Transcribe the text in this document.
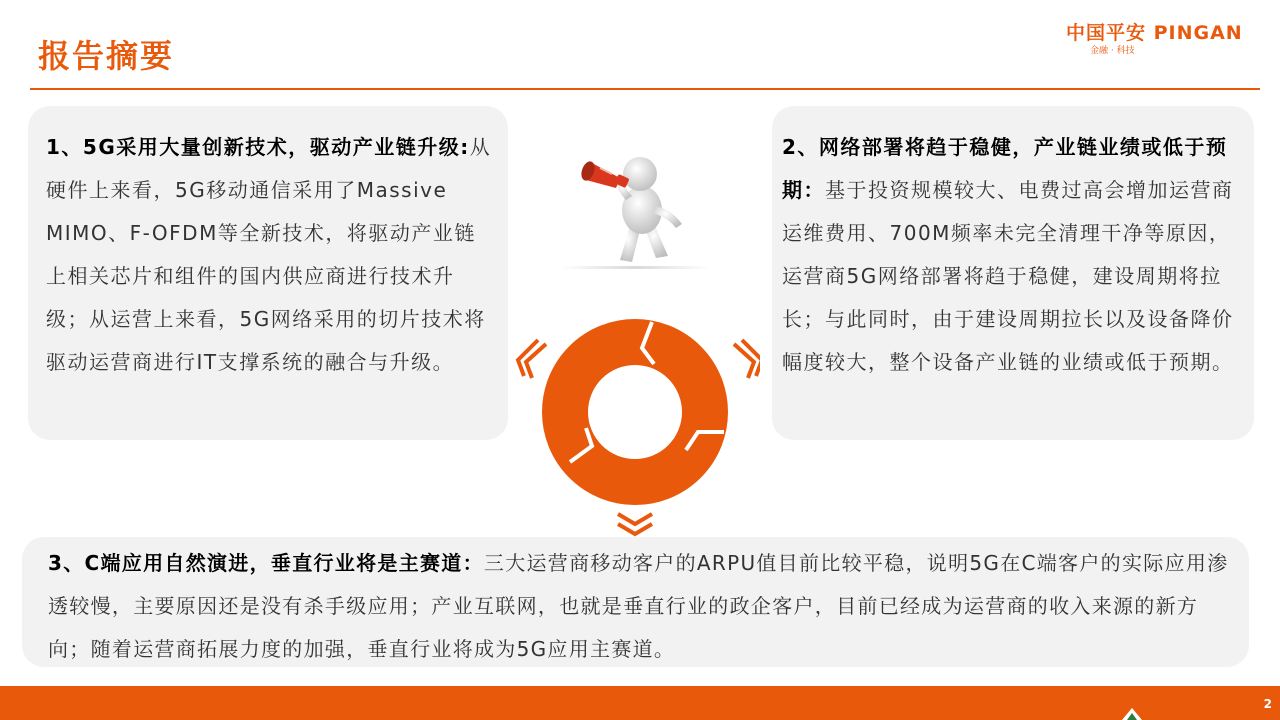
报告摘要
中国平安 PINGAN
金融 · 科技

1、5G采用大量创新技术，驱动产业链升级:从硬件上来看，5G移动通信采用了Massive MIMO、F-OFDM等全新技术，将驱动产业链上相关芯片和组件的国内供应商进行技术升级；从运营上来看，5G网络采用的切片技术将驱动运营商进行IT支撑系统的融合与升级。

2、网络部署将趋于稳健，产业链业绩或低于预期：基于投资规模较大、电费过高会增加运营商运维费用、700M频率未完全清理干净等原因，运营商5G网络部署将趋于稳健，建设周期将拉长；与此同时，由于建设周期拉长以及设备降价幅度较大，整个设备产业链的业绩或低于预期。

3、C端应用自然演进，垂直行业将是主赛道：三大运营商移动客户的ARPU值目前比较平稳，说明5G在C端客户的实际应用渗透较慢，主要原因还是没有杀手级应用；产业互联网，也就是垂直行业的政企客户，目前已经成为运营商的收入来源的新方向；随着运营商拓展力度的加强，垂直行业将成为5G应用主赛道。

2
